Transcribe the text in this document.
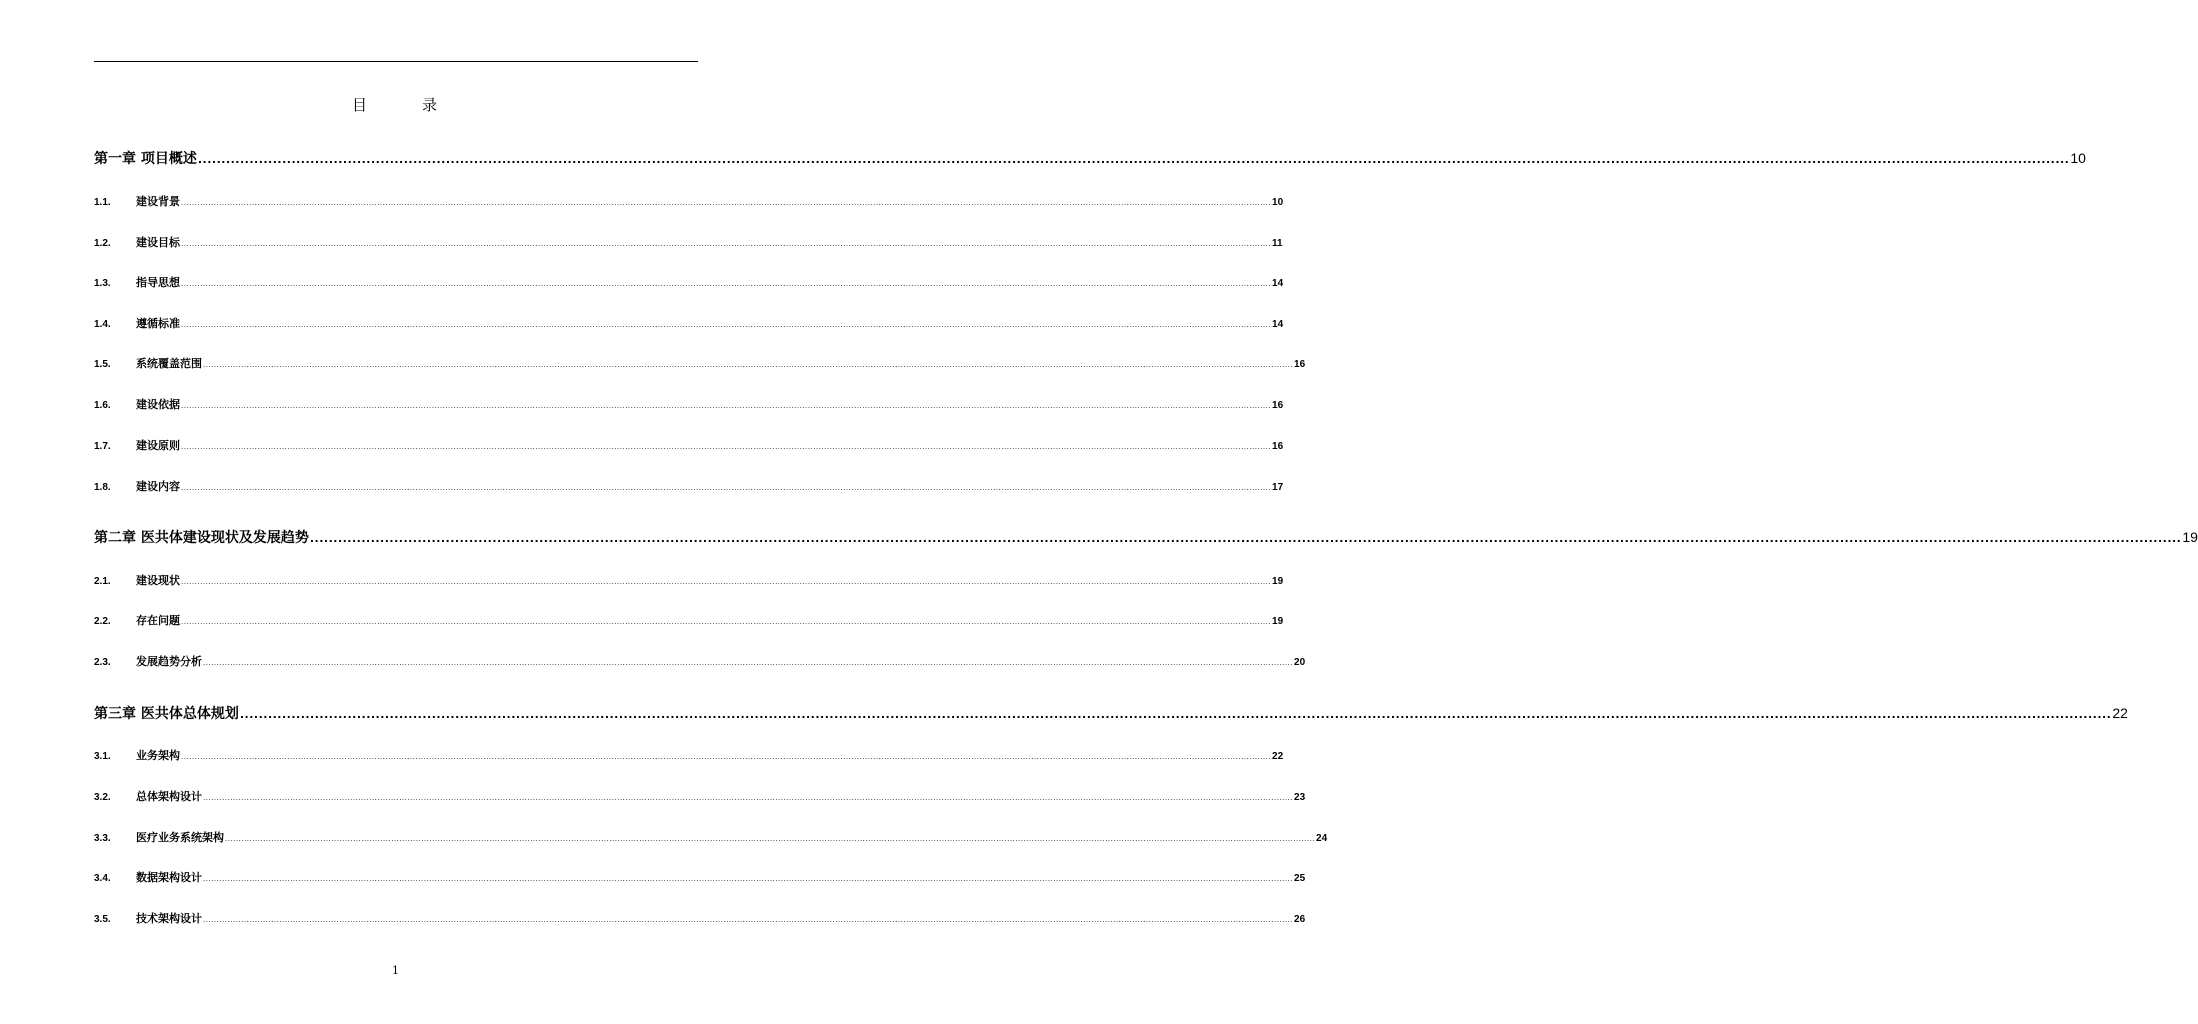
目　录
第一章 项目概述 ................................................................................................................................................................................................................................................................................................................................................................................................................ 10
1.1.	建设背景 ................................................................................................................................................................................................................................................................................................................................................................................................................ 10
1.2.	建设目标 ................................................................................................................................................................................................................................................................................................................................................................................................................ 11
1.3.	指导思想 ................................................................................................................................................................................................................................................................................................................................................................................................................ 14
1.4.	遵循标准 ................................................................................................................................................................................................................................................................................................................................................................................................................ 14
1.5.	系统覆盖范围 ................................................................................................................................................................................................................................................................................................................................................................................................................ 16
1.6.	建设依据 ................................................................................................................................................................................................................................................................................................................................................................................................................ 16
1.7.	建设原则 ................................................................................................................................................................................................................................................................................................................................................................................................................ 16
1.8.	建设内容 ................................................................................................................................................................................................................................................................................................................................................................................................................ 17
第二章 医共体建设现状及发展趋势 ................................................................................................................................................................................................................................................................................................................................................................................................................ 19
2.1.	建设现状 ................................................................................................................................................................................................................................................................................................................................................................................................................ 19
2.2.	存在问题 ................................................................................................................................................................................................................................................................................................................................................................................................................ 19
2.3.	发展趋势分析 ................................................................................................................................................................................................................................................................................................................................................................................................................ 20
第三章 医共体总体规划 ................................................................................................................................................................................................................................................................................................................................................................................................................ 22
3.1.	业务架构 ................................................................................................................................................................................................................................................................................................................................................................................................................ 22
3.2.	总体架构设计 ................................................................................................................................................................................................................................................................................................................................................................................................................ 23
3.3.	医疗业务系统架构 ................................................................................................................................................................................................................................................................................................................................................................................................................ 24
3.4.	数据架构设计 ................................................................................................................................................................................................................................................................................................................................................................................................................ 25
3.5.	技术架构设计 ................................................................................................................................................................................................................................................................................................................................................................................................................ 26
1
